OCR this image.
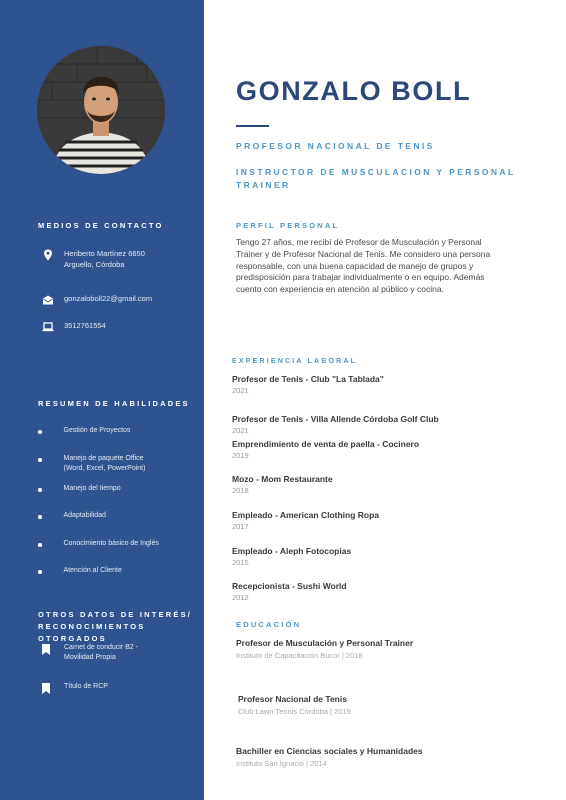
MEDIOS DE CONTACTO
Heriberto Martínez 6650
Arguello, Córdoba
gonzaloboll22@gmail.com
3512761554
RESUMEN DE HABILIDADES
Gestión de Proyectos
Manejo de paquete Office
(Word, Excel, PowerPoint)
Manejo del tiempo
Adaptabilidad
Conocimiento básico de Inglés
Atención al Cliente
OTROS DATOS DE INTERÉS/
RECONOCIMIENTOS OTORGADOS
Carnet de conducir B2 -
Movilidad Propia
Título de RCP
GONZALO BOLL
PROFESOR NACIONAL DE TENIS
INSTRUCTOR DE MUSCULACION Y PERSONAL
TRAINER
PERFIL PERSONAL
Tengo 27 años, me recibí de Profesor de Musculación y Personal Trainer y de Profesor Nacional de Tenis. Me considero una persona responsable, con una buena capacidad de manejo de grupos y predisposición para trabajar individualmente o en equipo. Además cuento con experiencia en atención al público y cocina.
EXPERIENCIA LABORAL
Profesor de Tenis - Club "La Tablada"
2021
Profesor de Tenis - Villa Allende Córdoba Golf Club
2021
Emprendimiento de venta de paella - Cocinero
2019
Mozo - Mom Restaurante
2018
Empleado - American Clothing Ropa
2017
Empleado - Aleph Fotocopias
2015
Recepcionista - Sushi World
2012
EDUCACIÓN
Profesor de Musculación y Personal Trainer
Instituto de Capacitación Bucor | 2018
Profesor Nacional de Tenis
Club Lawn Tennis Córdoba | 2019
Bachiller en Ciencias sociales y Humanidades
Instituto San Ignacio | 2014
